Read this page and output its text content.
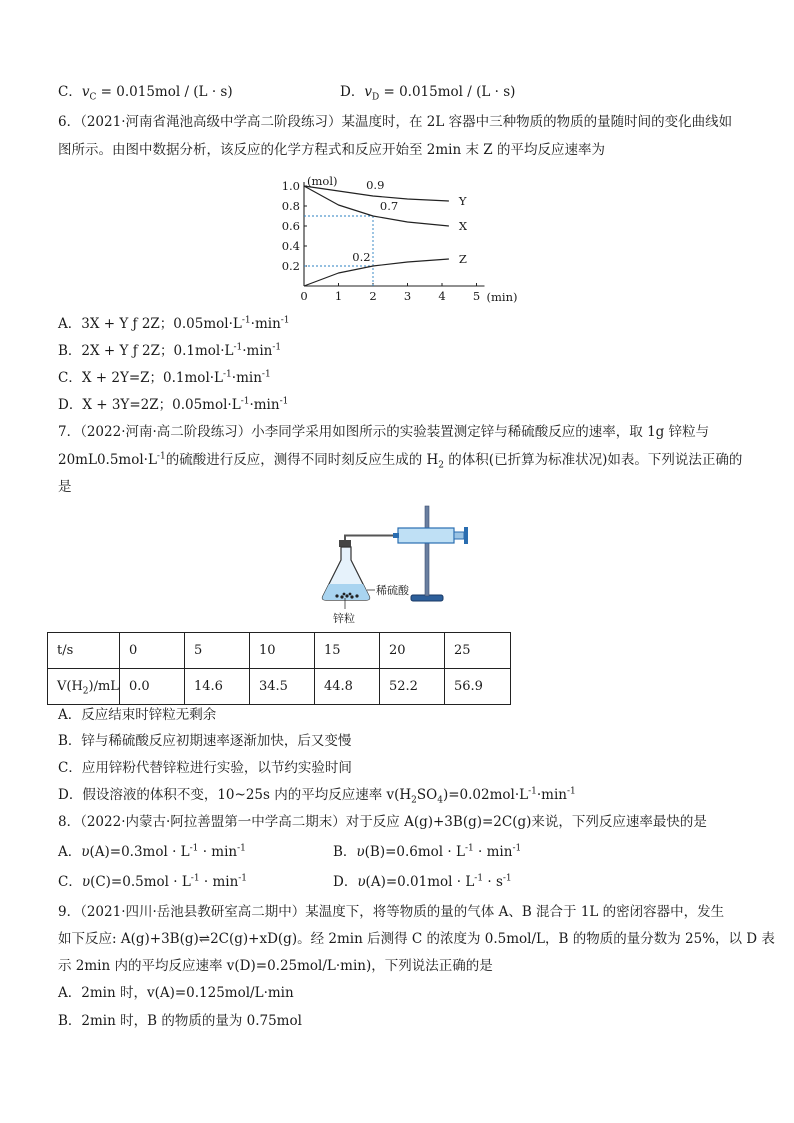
C．$v_C = 0.015mol / (L \cdot s)$	D．$v_D = 0.015mol / (L \cdot s)$
6．（2021·河南省渑池高级中学高二阶段练习）某温度时，在 2L 容器中三种物质的物质的量随时间的变化曲线如
图所示。由图中数据分析，该反应的化学方程式和反应开始至 2min 末 Z 的平均反应速率为
0.2
0.4
0.6
0.8
1.0
0 1 2 3 4 5
(mol)
(min)
Y
X
Z
0.9
0.7
0.2
A．3X + Y ƒ 2Z；$0.05mol\cdot L^{-1}\cdot\min^{-1}$
B．2X + Y ƒ 2Z；$0.1mol\cdot L^{-1}\cdot\min^{-1}$
C．X + 2Y=Z；$0.1mol\cdot L^{-1}\cdot\min^{-1}$
D．X + 3Y=2Z；$0.05mol\cdot L^{-1}\cdot\min^{-1}$
7．（2022·河南·高二阶段练习）小李同学采用如图所示的实验装置测定锌与稀硫酸反应的速率，取 1g 锌粒与
$20mL0.5mol\cdot L^{-1}$的硫酸进行反应，测得不同时刻反应生成的 $H_2$ 的体积(已折算为标准状况)如表。下列说法正确的
是
稀硫酸
锌粒
t/s	0	5	10	15	20	25
$V(H_2)/mL$	0.0	14.6	34.5	44.8	52.2	56.9
A．反应结束时锌粒无剩余
B．锌与稀硫酸反应初期速率逐渐加快，后又变慢
C．应用锌粉代替锌粒进行实验，以节约实验时间
D．假设溶液的体积不变，10~25s 内的平均反应速率 $v(H_2SO_4)=0.02mol\cdot L^{-1}\cdot\min^{-1}$
8．（2022·内蒙古·阿拉善盟第一中学高二期末）对于反应 A(g)+3B(g)=2C(g)来说，下列反应速率最快的是
A．$\upsilon(A)=0.3mol \cdot L^{-1} \cdot \min^{-1}$	B．$\upsilon(B)=0.6mol \cdot L^{-1} \cdot \min^{-1}$
C．$\upsilon(C)=0.5mol \cdot L^{-1} \cdot \min^{-1}$	D．$\upsilon(A)=0.01mol \cdot L^{-1} \cdot s^{-1}$
9．（2021·四川·岳池县教研室高二期中）某温度下，将等物质的量的气体 A、B 混合于 1L 的密闭容器中，发生
如下反应: A(g)+3B(g)⇌2C(g)+xD(g)。经 2min 后测得 C 的浓度为 0.5mol/L，B 的物质的量分数为 25%，以 D 表
示 2min 内的平均反应速率 v(D)=0.25mol/L·min)，下列说法正确的是
A．2min 时，v(A)=0.125mol/L·min
B．2min 时，B 的物质的量为 0.75mol
